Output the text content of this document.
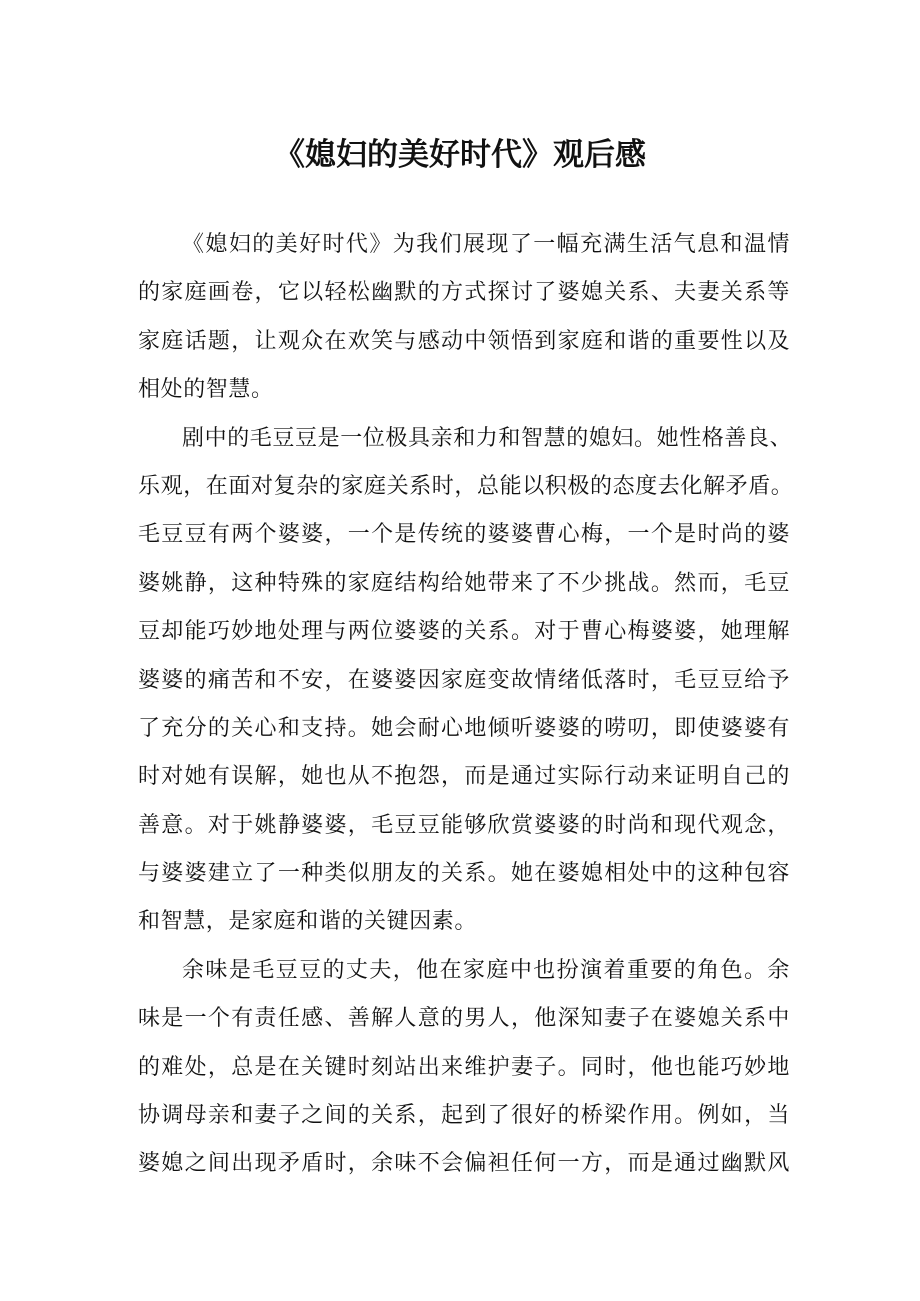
《媳妇的美好时代》观后感
《媳妇的美好时代》为我们展现了一幅充满生活气息和温情
的家庭画卷，它以轻松幽默的方式探讨了婆媳关系、夫妻关系等
家庭话题，让观众在欢笑与感动中领悟到家庭和谐的重要性以及
相处的智慧。
剧中的毛豆豆是一位极具亲和力和智慧的媳妇。她性格善良、
乐观，在面对复杂的家庭关系时，总能以积极的态度去化解矛盾。
毛豆豆有两个婆婆，一个是传统的婆婆曹心梅，一个是时尚的婆
婆姚静，这种特殊的家庭结构给她带来了不少挑战。然而，毛豆
豆却能巧妙地处理与两位婆婆的关系。对于曹心梅婆婆，她理解
婆婆的痛苦和不安，在婆婆因家庭变故情绪低落时，毛豆豆给予
了充分的关心和支持。她会耐心地倾听婆婆的唠叨，即使婆婆有
时对她有误解，她也从不抱怨，而是通过实际行动来证明自己的
善意。对于姚静婆婆，毛豆豆能够欣赏婆婆的时尚和现代观念，
与婆婆建立了一种类似朋友的关系。她在婆媳相处中的这种包容
和智慧，是家庭和谐的关键因素。
余味是毛豆豆的丈夫，他在家庭中也扮演着重要的角色。余
味是一个有责任感、善解人意的男人，他深知妻子在婆媳关系中
的难处，总是在关键时刻站出来维护妻子。同时，他也能巧妙地
协调母亲和妻子之间的关系，起到了很好的桥梁作用。例如，当
婆媳之间出现矛盾时，余味不会偏袒任何一方，而是通过幽默风
